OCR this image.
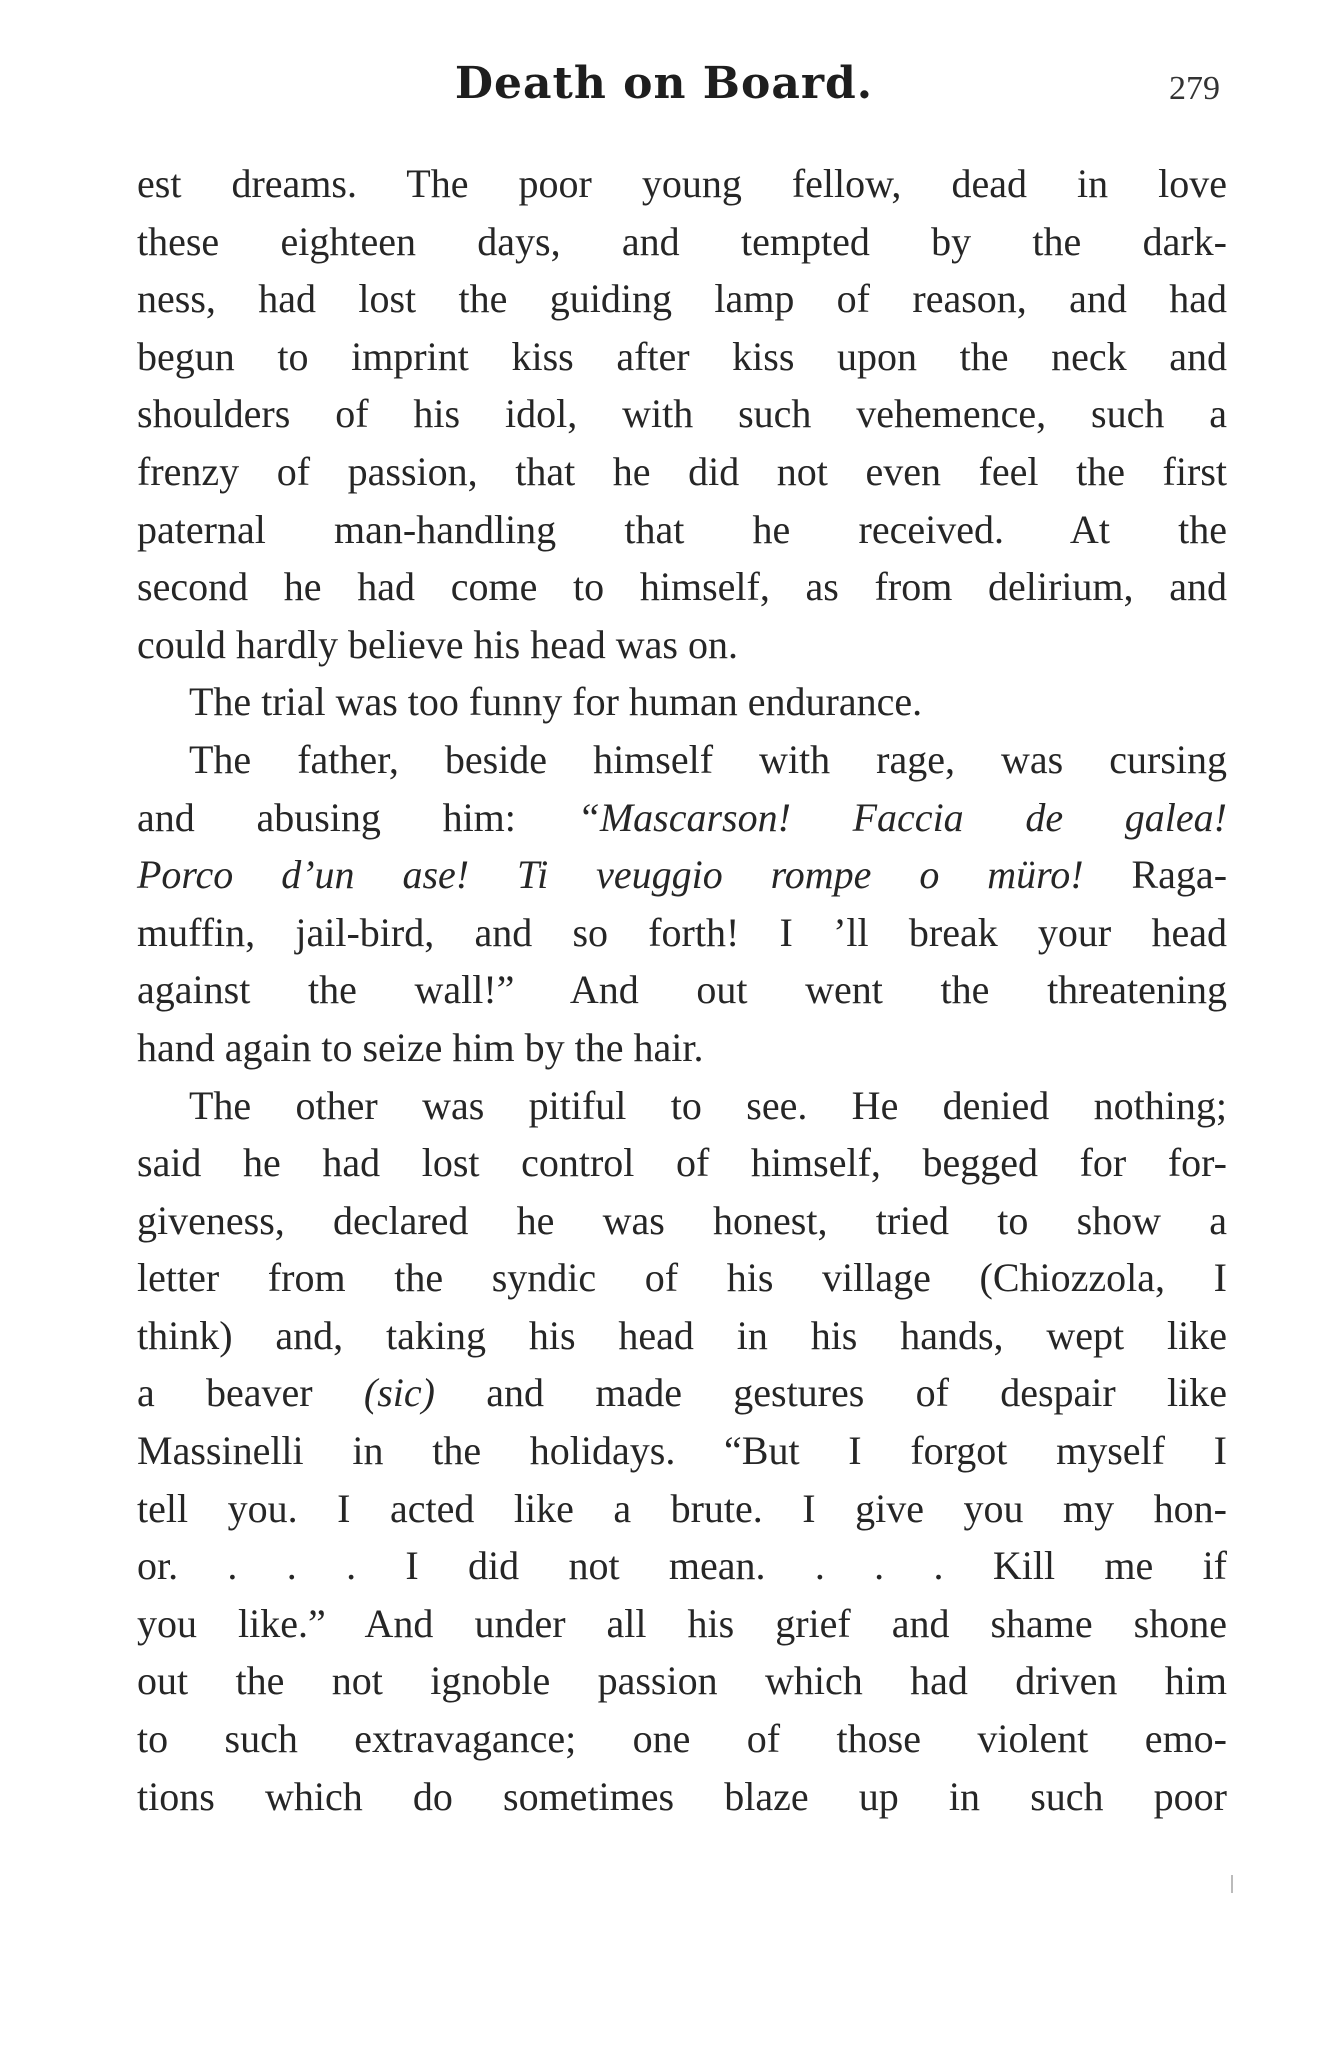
Death on Board.	279
est dreams. The poor young fellow, dead in love
these eighteen days, and tempted by the dark-
ness, had lost the guiding lamp of reason, and had
begun to imprint kiss after kiss upon the neck and
shoulders of his idol, with such vehemence, such a
frenzy of passion, that he did not even feel the first
paternal man-handling that he received. At the
second he had come to himself, as from delirium, and
could hardly believe his head was on.
The trial was too funny for human endurance.
The father, beside himself with rage, was cursing
and abusing him: “Mascarson! Faccia de galea!
Porco d’un ase! Ti veuggio rompe o müro! Raga-
muffin, jail-bird, and so forth! I ’ll break your head
against the wall!” And out went the threatening
hand again to seize him by the hair.
The other was pitiful to see. He denied nothing;
said he had lost control of himself, begged for for-
giveness, declared he was honest, tried to show a
letter from the syndic of his village (Chiozzola, I
think) and, taking his head in his hands, wept like
a beaver (sic) and made gestures of despair like
Massinelli in the holidays. “But I forgot myself I
tell you. I acted like a brute. I give you my hon-
or. . . . I did not mean. . . . Kill me if
you like.” And under all his grief and shame shone
out the not ignoble passion which had driven him
to such extravagance; one of those violent emo-
tions which do sometimes blaze up in such poor
